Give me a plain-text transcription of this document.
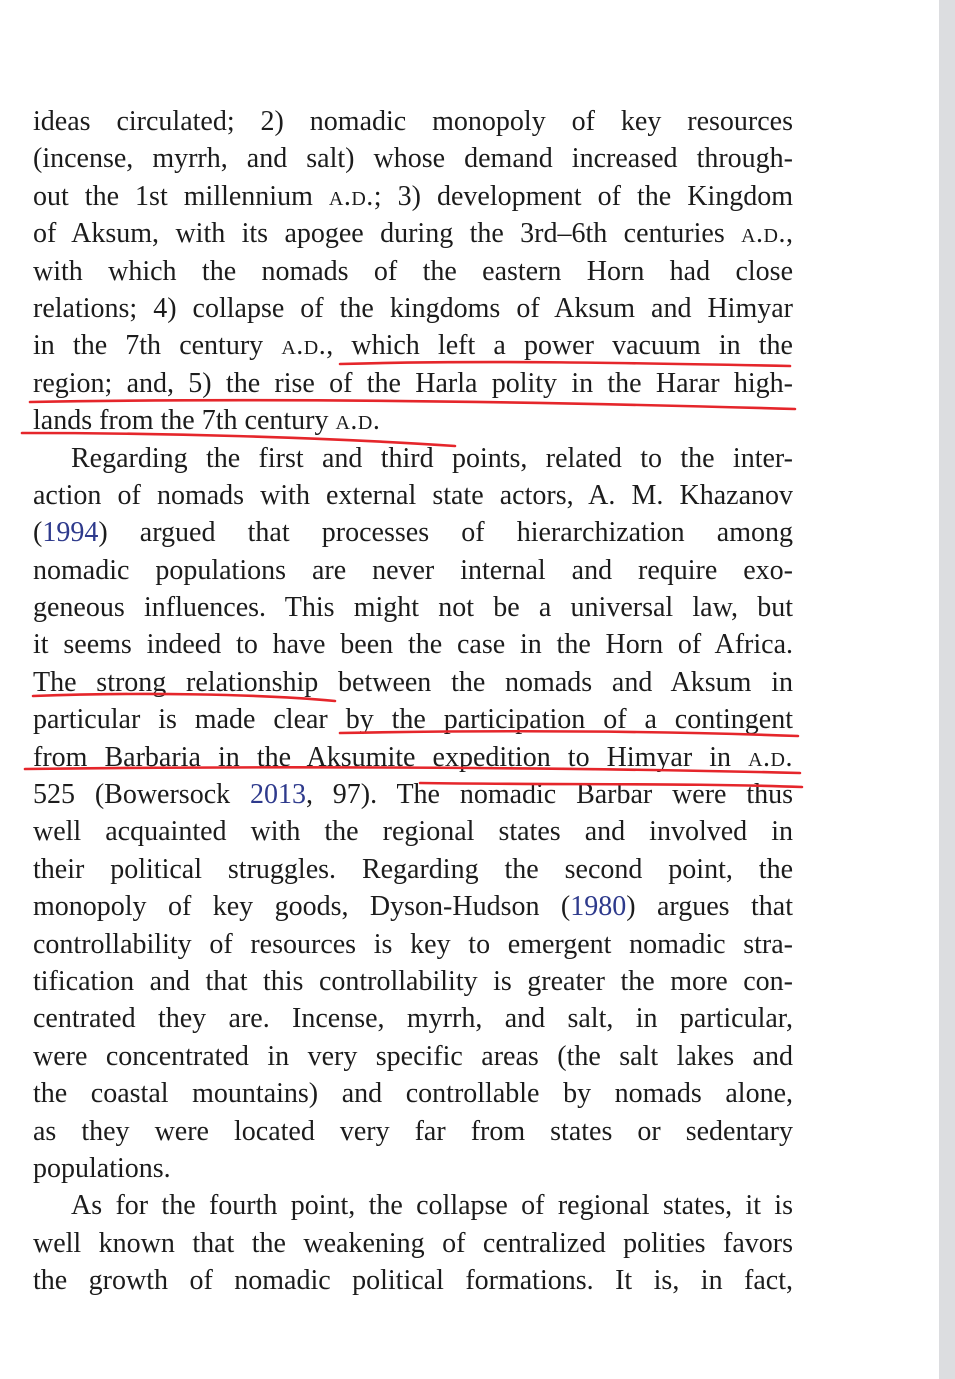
ideas circulated; 2) nomadic monopoly of key resources
(incense, myrrh, and salt) whose demand increased through-
out the 1st millennium a.d.; 3) development of the Kingdom
of Aksum, with its apogee during the 3rd–6th centuries a.d.,
with which the nomads of the eastern Horn had close
relations; 4) collapse of the kingdoms of Aksum and Himyar
in the 7th century a.d., which left a power vacuum in the
region; and, 5) the rise of the Harla polity in the Harar high-
lands from the 7th century a.d.
Regarding the first and third points, related to the inter-
action of nomads with external state actors, A. M. Khazanov
(1994) argued that processes of hierarchization among
nomadic populations are never internal and require exo-
geneous influences. This might not be a universal law, but
it seems indeed to have been the case in the Horn of Africa.
The strong relationship between the nomads and Aksum in
particular is made clear by the participation of a contingent
from Barbaria in the Aksumite expedition to Himyar in a.d.
525 (Bowersock 2013, 97). The nomadic Barbar were thus
well acquainted with the regional states and involved in
their political struggles. Regarding the second point, the
monopoly of key goods, Dyson-Hudson (1980) argues that
controllability of resources is key to emergent nomadic stra-
tification and that this controllability is greater the more con-
centrated they are. Incense, myrrh, and salt, in particular,
were concentrated in very specific areas (the salt lakes and
the coastal mountains) and controllable by nomads alone,
as they were located very far from states or sedentary
populations.
As for the fourth point, the collapse of regional states, it is
well known that the weakening of centralized polities favors
the growth of nomadic political formations. It is, in fact,
